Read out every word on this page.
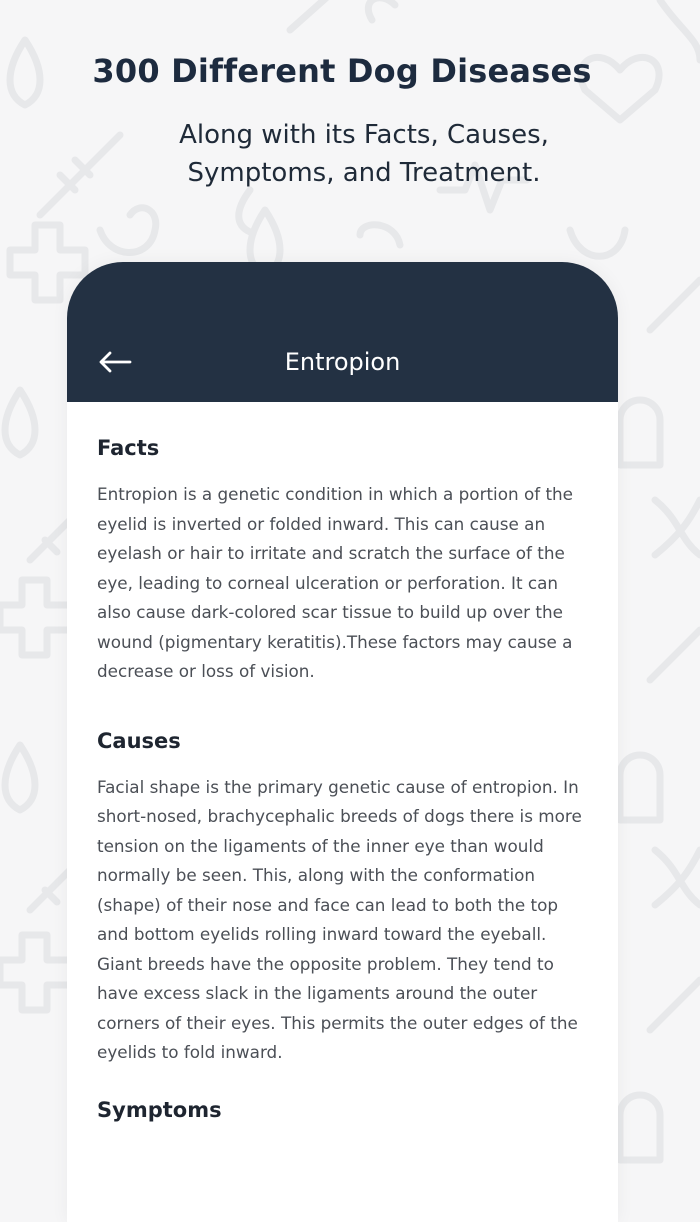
300 Different Dog Diseases
Along with its Facts, Causes, Symptoms, and Treatment.
Entropion
Facts

Entropion is a genetic condition in which a portion of the eyelid is inverted or folded inward. This can cause an eyelash or hair to irritate and scratch the surface of the eye, leading to corneal ulceration or perforation. It can also cause dark-colored scar tissue to build up over the wound (pigmentary keratitis).These factors may cause a decrease or loss of vision.

Causes

Facial shape is the primary genetic cause of entropion. In short-nosed, brachycephalic breeds of dogs there is more tension on the ligaments of the inner eye than would normally be seen. This, along with the conformation (shape) of their nose and face can lead to both the top and bottom eyelids rolling inward toward the eyeball. Giant breeds have the opposite problem. They tend to have excess slack in the ligaments around the outer corners of their eyes. This permits the outer edges of the eyelids to fold inward.

Symptoms
